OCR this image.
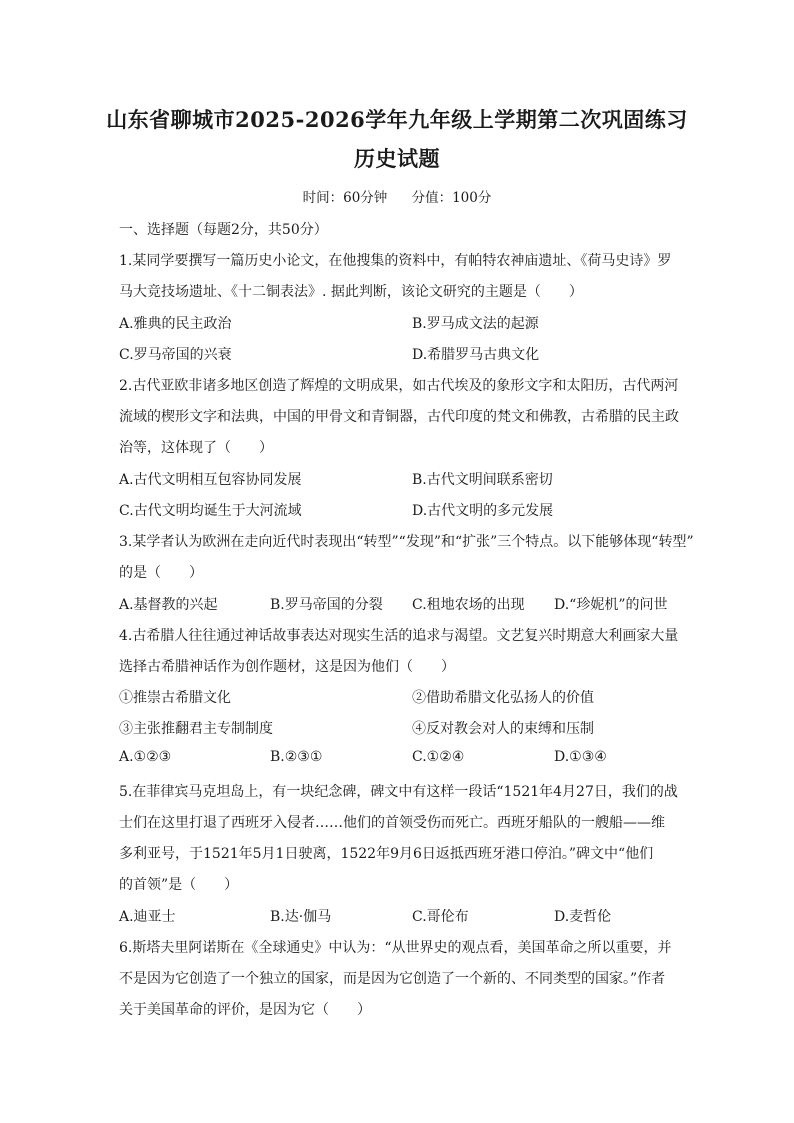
山东省聊城市2025-2026学年九年级上学期第二次巩固练习
历史试题
时间：60分钟 分值：100分
一、选择题（每题2分，共50分）
1.某同学要撰写一篇历史小论文，在他搜集的资料中，有帕特农神庙遗址、《荷马史诗》罗
马大竞技场遗址、《十二铜表法》. 据此判断，该论文研究的主题是（　　）
A.雅典的民主政治	B.罗马成文法的起源
C.罗马帝国的兴衰	D.希腊罗马古典文化
2.古代亚欧非诸多地区创造了辉煌的文明成果，如古代埃及的象形文字和太阳历，古代两河
流域的楔形文字和法典，中国的甲骨文和青铜器，古代印度的梵文和佛教，古希腊的民主政
治等，这体现了（　　）
A.古代文明相互包容协同发展	B.古代文明间联系密切
C.古代文明均诞生于大河流域	D.古代文明的多元发展
3.某学者认为欧洲在走向近代时表现出“转型”“发现”和“扩张”三个特点。以下能够体现“转型”
的是（　　）
A.基督教的兴起	B.罗马帝国的分裂 C.租地农场的出现 D.“珍妮机”的问世
4.古希腊人往往通过神话故事表达对现实生活的追求与渴望。文艺复兴时期意大利画家大量
选择古希腊神话作为创作题材，这是因为他们（　　）
①推崇古希腊文化	②借助希腊文化弘扬人的价值
③主张推翻君主专制制度	④反对教会对人的束缚和压制
A.①②③	B.②③①	C.①②④	D.①③④
5.在菲律宾马克坦岛上，有一块纪念碑，碑文中有这样一段话“1521年4月27日，我们的战
士们在这里打退了西班牙入侵者……他们的首领受伤而死亡。西班牙船队的一艘船——维
多利亚号，于1521年5月1日驶离，1522年9月6日返抵西班牙港口停泊。”碑文中“他们
的首领”是（　　）
A.迪亚士	B.达·伽马	C.哥伦布	D.麦哲伦
6.斯塔夫里阿诺斯在《全球通史》中认为：“从世界史的观点看，美国革命之所以重要，并
不是因为它创造了一个独立的国家，而是因为它创造了一个新的、不同类型的国家。”作者
关于美国革命的评价，是因为它（　　）
